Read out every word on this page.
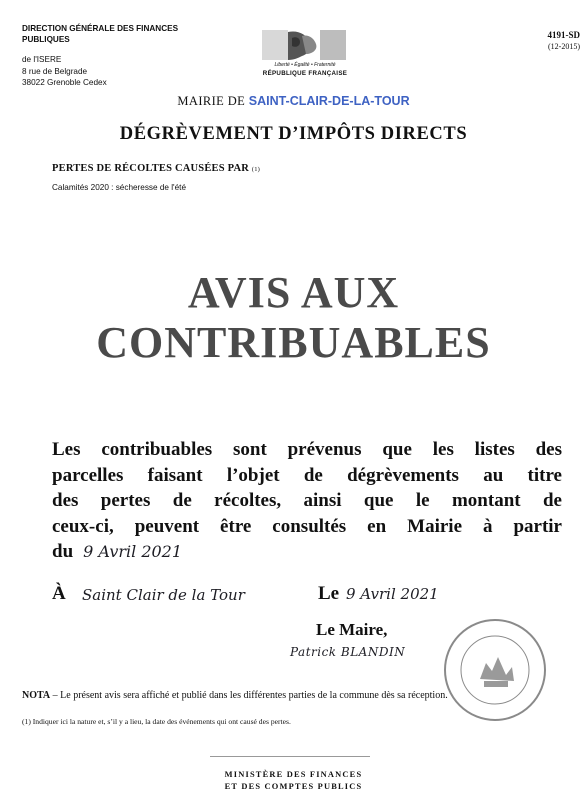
DIRECTION GÉNÉRALE DES FINANCES PUBLIQUES
de l'ISERE
8 rue de Belgrade
38022 Grenoble Cedex
Liberté • Égalité • Fraternité
RÉPUBLIQUE FRANÇAISE
4191-SD
(12-2015)
MAIRIE DE SAINT-CLAIR-DE-LA-TOUR
DÉGRÈVEMENT D’IMPÔTS DIRECTS
PERTES DE RÉCOLTES CAUSÉES PAR (1)
Calamités 2020 : sécheresse de l'été
AVIS AUX
CONTRIBUABLES
Les contribuables sont prévenus que les listes des
parcelles faisant l’objet de dégrèvements au titre
des pertes de récoltes, ainsi que le montant de
ceux-ci, peuvent être consultés en Mairie à partir
du 9 Avril 2021
À Saint Clair de la Tour	Le 9 Avril 2021
Le Maire,
Patrick BLANDIN
NOTA – Le présent avis sera affiché et publié dans les différentes parties de la commune dès sa réception.
(1) Indiquer ici la nature et, s’il y a lieu, la date des événements qui ont causé des pertes.
MINISTÈRE DES FINANCES
ET DES COMPTES PUBLICS
